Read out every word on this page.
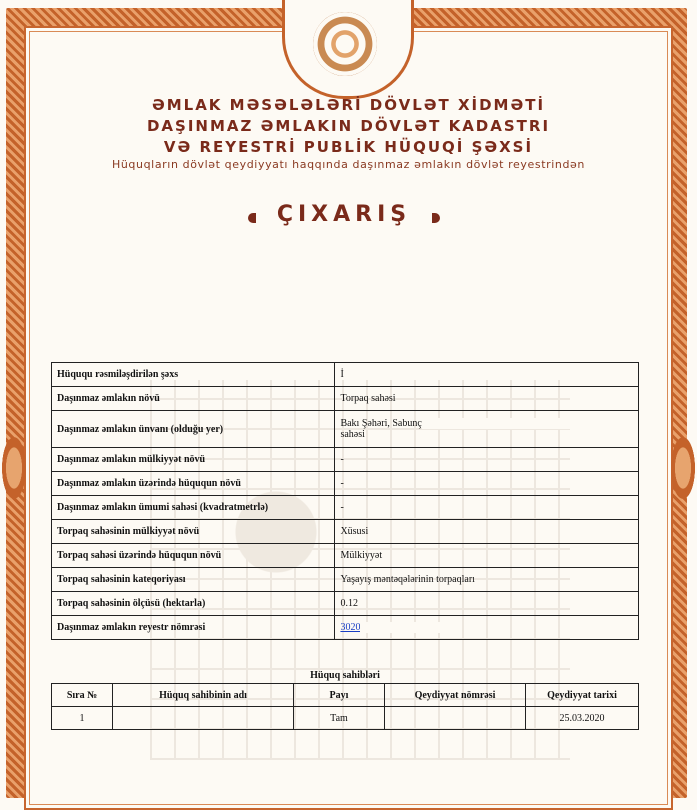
ƏMLAK MƏSƏLƏLƏRİ DÖVLƏT XİDMƏTİ
DAŞINMAZ ƏMLAKIN DÖVLƏT KADASTRI
VƏ REYESTRİ PUBLİK HÜQUQİ ŞƏXSİ
Hüquqların dövlət qeydiyyatı haqqında daşınmaz əmlakın dövlət reyestrindən
ÇIXARIŞ
Hüququ rəsmiləşdirilən şəxs	İ
Daşınmaz əmlakın növü	Torpaq sahəsi
Daşınmaz əmlakın ünvanı (olduğu yer)	Bakı Şəhəri, Sabunç
sahəsi
Daşınmaz əmlakın mülkiyyət növü	-
Daşınmaz əmlakın üzərində hüququn növü	-
Daşınmaz əmlakın ümumi sahəsi (kvadratmetrlə)	-
Torpaq sahəsinin mülkiyyət növü	Xüsusi
Torpaq sahəsi üzərində hüququn növü	Mülkiyyət
Torpaq sahəsinin kateqoriyası	Yaşayış məntəqələrinin torpaqları
Torpaq sahəsinin ölçüsü (hektarla)	0.12
Daşınmaz əmlakın reyestr nömrəsi	3020
Hüquq sahibləri
Sıra №	Hüquq sahibinin adı	Payı	Qeydiyyat nömrəsi	Qeydiyyat tarixi
1		Tam		25.03.2020
